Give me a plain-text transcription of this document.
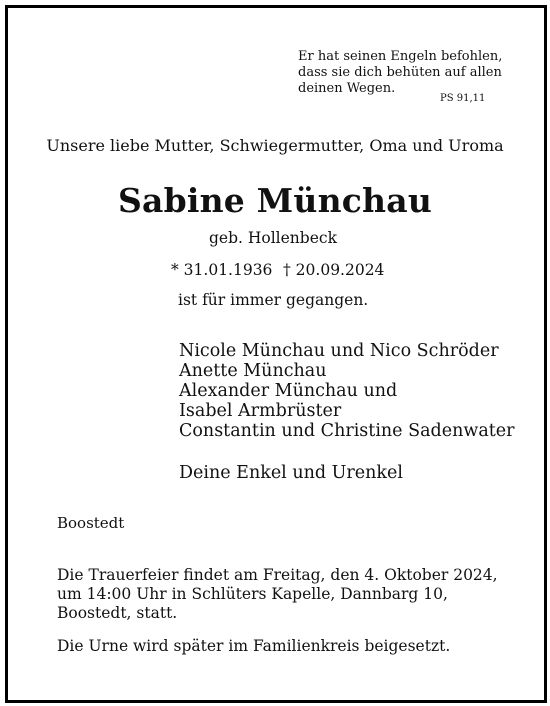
Er hat seinen Engeln befohlen,
dass sie dich behüten auf allen
deinen Wegen.
PS 91,11
Unsere liebe Mutter, Schwiegermutter, Oma und Uroma
Sabine Münchau
geb. Hollenbeck
* 31.01.1936 † 20.09.2024
ist für immer gegangen.
Nicole Münchau und Nico Schröder
Anette Münchau
Alexander Münchau und
Isabel Armbrüster
Constantin und Christine Sadenwater
Deine Enkel und Urenkel
Boostedt
Die Trauerfeier findet am Freitag, den 4. Oktober 2024,
um 14:00 Uhr in Schlüters Kapelle, Dannbarg 10,
Boostedt, statt.
Die Urne wird später im Familienkreis beigesetzt.
